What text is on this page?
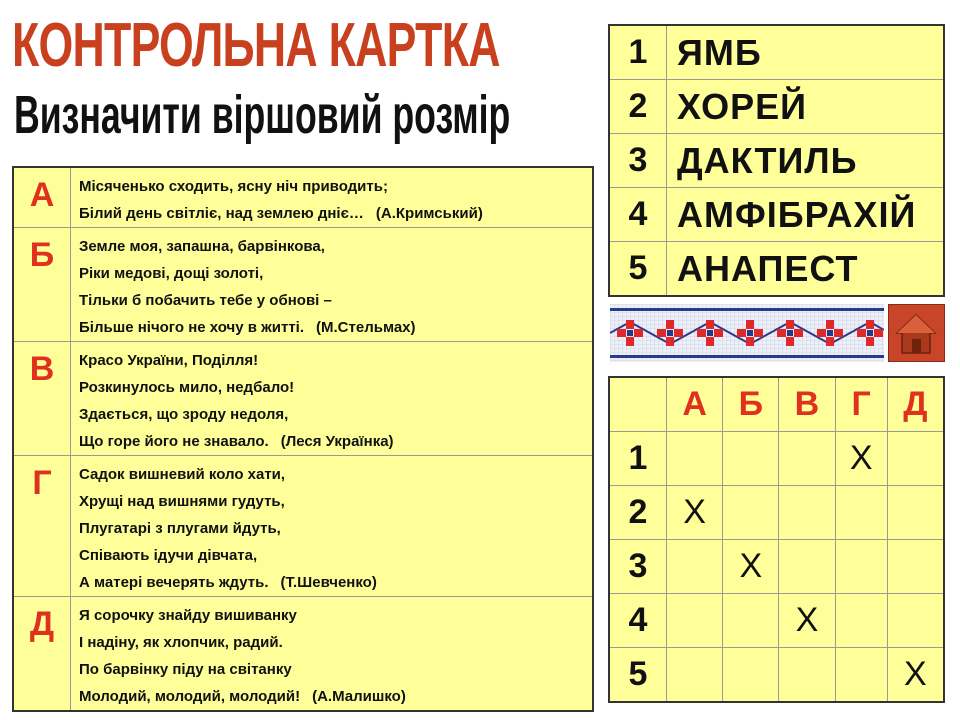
КОНТРОЛЬНА КАРТКА
Визначити віршовий розмір
А	Місяченько сходить, ясну ніч приводить;
Білий день світліє, над землею дніє… (А.Кримський)

Б	Земле моя, запашна, барвінкова,
Ріки медові, дощі золоті,
Тільки б побачить тебе у обнові –
Більше нічого не хочу в житті. (М.Стельмах)

В	Красо України, Поділля!
Розкинулось мило, недбало!
Здається, що зроду недоля,
Що горе його не знавало. (Леся Українка)

Г	Садок вишневий коло хати,
Хрущі над вишнями гудуть,
Плугатарі з плугами йдуть,
Співають ідучи дівчата,
А матері вечерять ждуть. (Т.Шевченко)

Д	Я сорочку знайду вишиванку
І надіну, як хлопчик, радий.
По барвінку піду на світанку
Молодий, молодий, молодий! (А.Малишко)
1	ЯМБ
2	ХОРЕЙ
3	ДАКТИЛЬ
4	АМФІБРАХІЙ
5	АНАПЕСТ
	А	Б	В	Г	Д
1				Х	
2	Х				
3		Х			
4			Х		
5					Х
